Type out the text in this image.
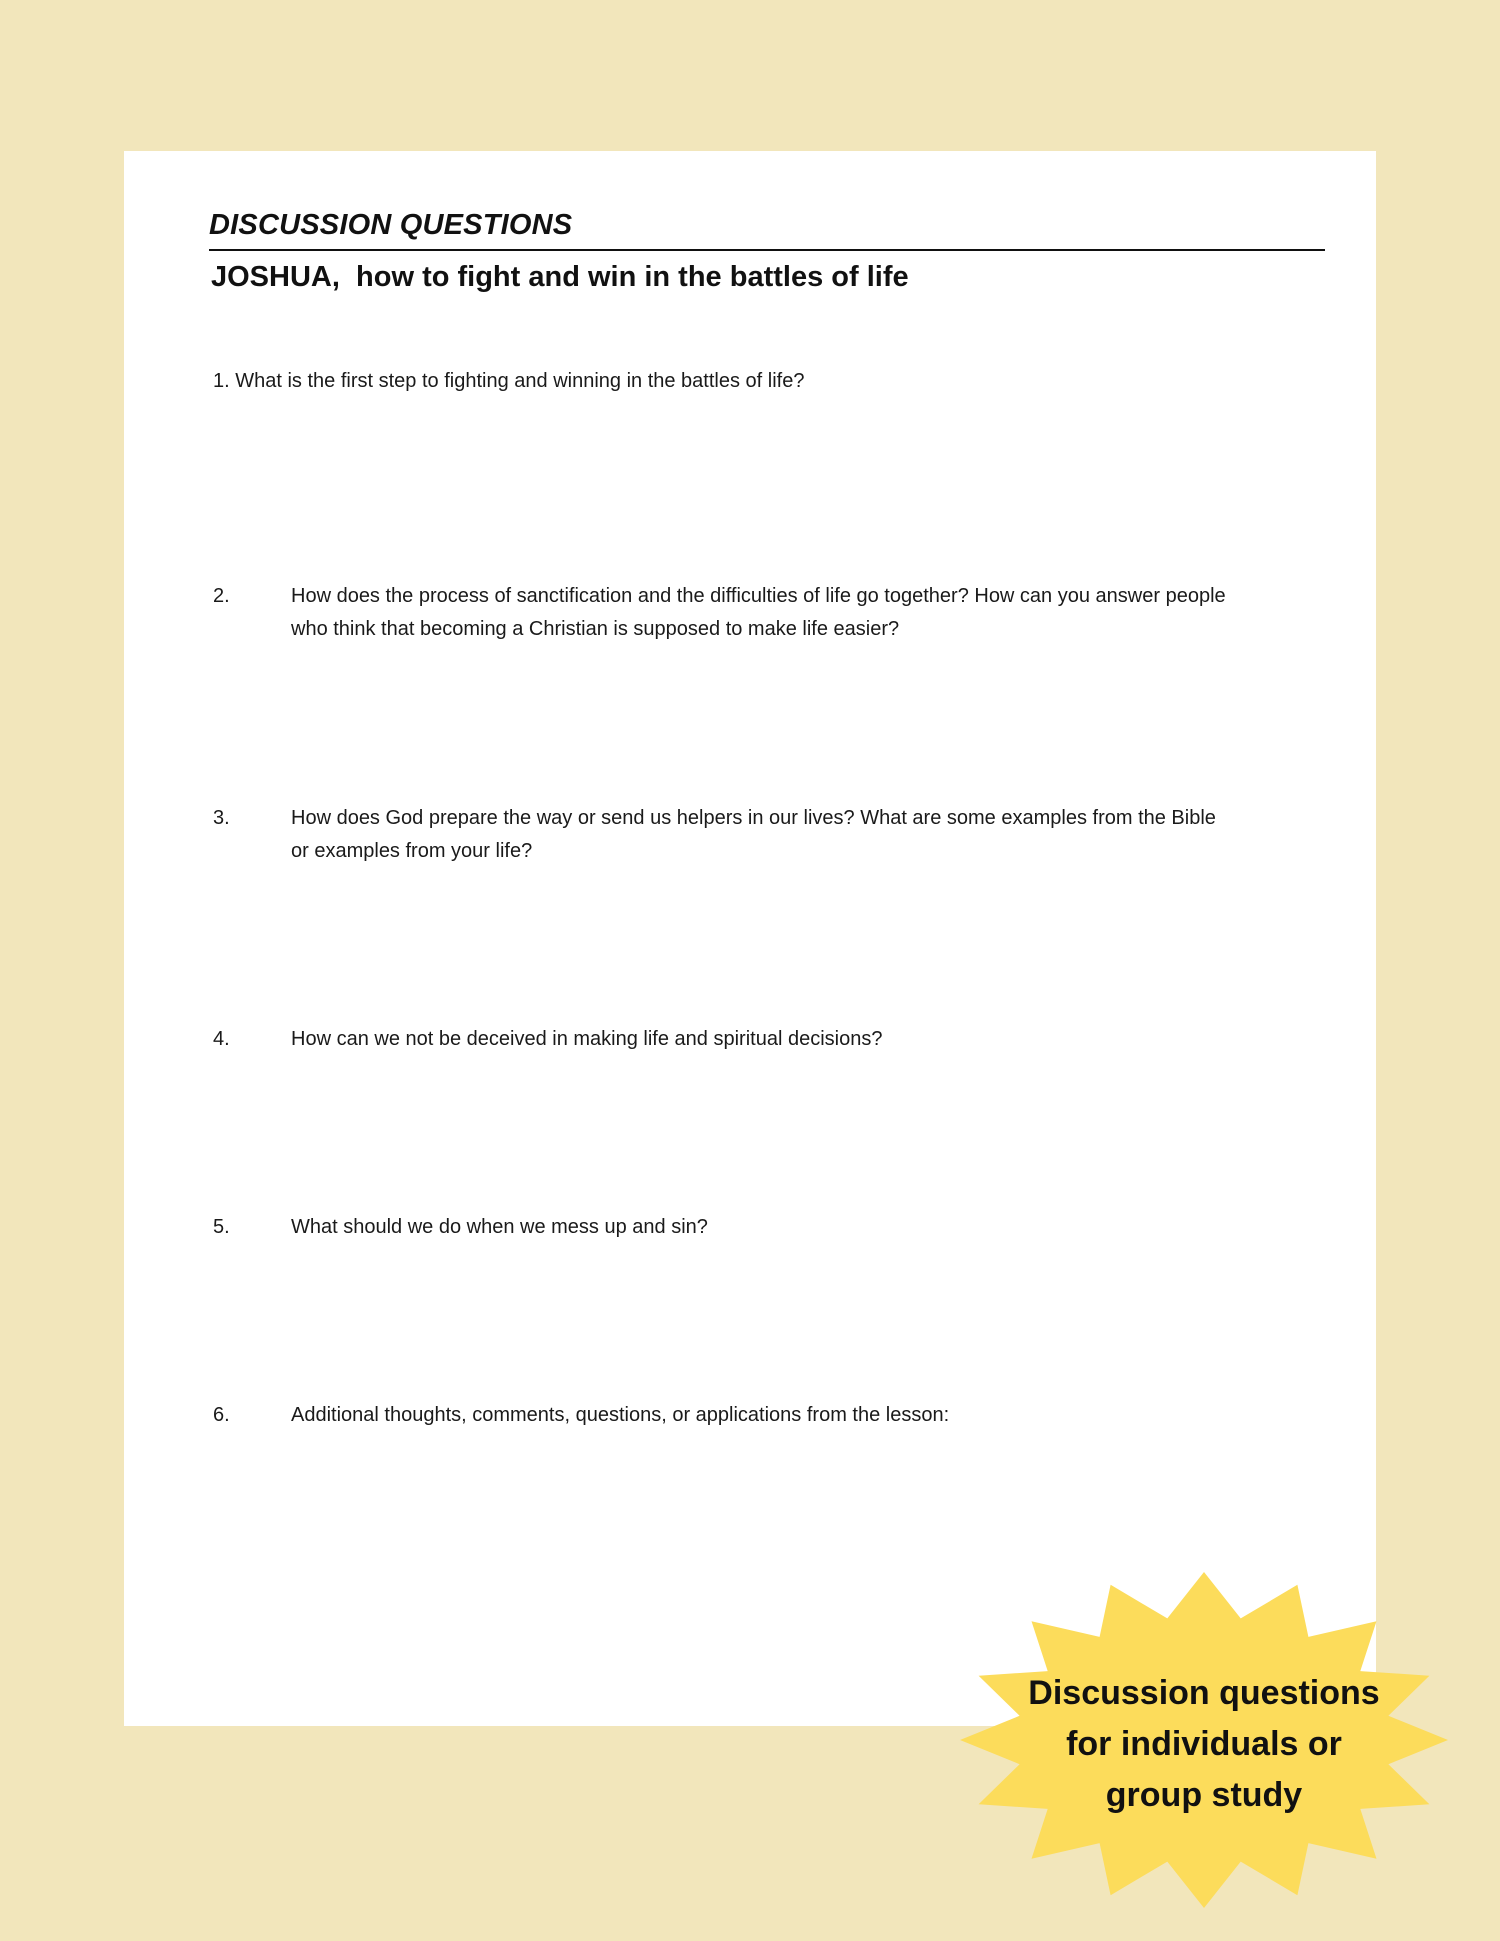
DISCUSSION QUESTIONS
JOSHUA,  how to fight and win in the battles of life
1. What is the first step to fighting and winning in the battles of life?
2.	How does the process of sanctification and the difficulties of life go together? How can you answer people who think that becoming a Christian is supposed to make life easier?
3.	How does God prepare the way or send us helpers in our lives? What are some examples from the Bible or examples from your life?
4.	How can we not be deceived in making life and spiritual decisions?
5.	What should we do when we mess up and sin?
6.	Additional thoughts, comments, questions, or applications from the lesson:
Discussion questions for individuals or group study
